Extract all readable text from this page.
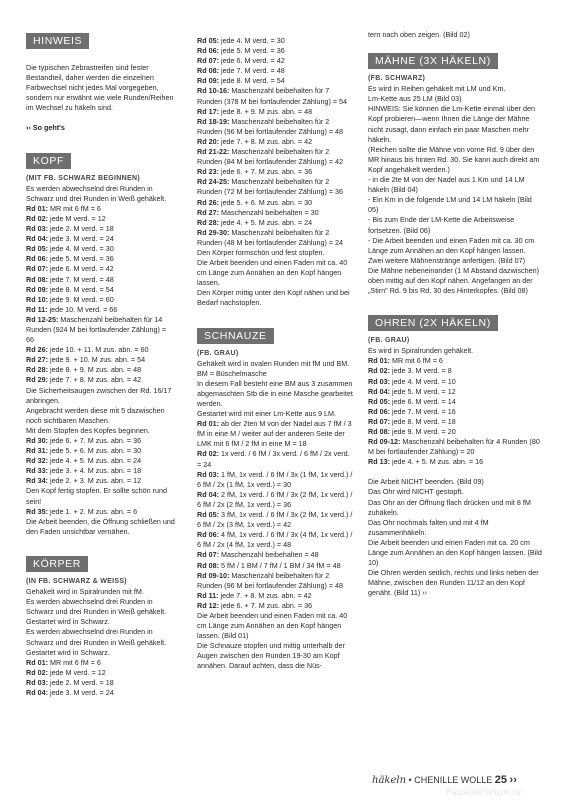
HINWEIS
Die typischen Zebrastreifen sind fester Bestandteil, daher werden die einzelnen Farbwechsel nicht jedes Mal vorgegeben, sondern nur erwähnt wie viele Runden/Reihen im Wechsel zu häkeln sind.
›› So geht's
KOPF
(MIT FB. SCHWARZ BEGINNEN)
Es werden abwechselnd drei Runden in Schwarz und drei Runden in Weiß gehäkelt.
Rd 01: MR mit 6 fM = 6
Rd 02: jede M verd. = 12
Rd 03: jede 2. M verd. = 18
Rd 04: jede 3. M verd. = 24
Rd 05: jede 4. M verd. = 30
Rd 06: jede 5. M verd. = 36
Rd 07: jede 6. M verd. = 42
Rd 08: jede 7. M verd. = 48
Rd 09: jede 8. M verd. = 54
Rd 10: jede 9. M verd. = 60
Rd 11: jede 10. M verd. = 66
Rd 12-25: Maschenzahl beibehalten für 14 Runden (924 M bei fortlaufender Zählung) = 66
Rd 26: jede 10. + 11. M zus. abn. = 60
Rd 27: jede 9. + 10. M zus. abn. = 54
Rd 28: jede 8. + 9. M zus. abn. = 48
Rd 29: jede 7. + 8. M zus. abn. = 42
Die Sicherheitsaugen zwischen der Rd. 16/17 anbringen.
Angebracht werden diese mit 5 dazwischen noch sichtbaren Maschen.
Mit dem Stopfen des Kopfes beginnen.
Rd 30: jede 6. + 7. M zus. abn. = 36
Rd 31: jede 5. + 6. M zus. abn. = 30
Rd 32: jede 4. + 5. M zus. abn. = 24
Rd 33: jede 3. + 4. M zus. abn. = 18
Rd 34: jede 2. + 3. M zus. abn. = 12
Den Kopf fertig stopfen. Er sollte schön rund sein!
Rd 35: jede 1. + 2. M zus. abn. = 6
Die Arbeit beenden, die Öffnung schließen und den Faden unsichtbar vernähen.
KÖRPER
(IN FB. SCHWARZ & WEISS)
Gehäkelt wird in Spiralrunden mit fM.
Es werden abwechselnd drei Runden in Schwarz und drei Runden in Weiß gehäkelt. Gestartet wird in Schwarz.
Es werden abwechselnd drei Runden in Schwarz und drei Runden in Weiß gehäkelt. Gestartet wird in Schwarz.
Rd 01: MR mit 6 fM = 6
Rd 02: jede M verd. = 12
Rd 03: jede 2. M verd. = 18
Rd 04: jede 3. M verd. = 24
Rd 05: jede 4. M verd. = 30
Rd 06: jede 5. M verd. = 36
Rd 07: jede 6. M verd. = 42
Rd 08: jede 7. M verd. = 48
Rd 09: jede 8. M verd. = 54
Rd 10-16: Maschenzahl beibehalten für 7 Runden (378 M bei fortlaufender Zählung) = 54
Rd 17: jede 8. + 9. M zus. abn. = 48
Rd 18-19: Maschenzahl beibehalten für 2 Runden (96 M bei fortlaufender Zählung) = 48
Rd 20: jede 7. + 8. M zus. abn. = 42
Rd 21-22: Maschenzahl beibehalten für 2 Runden (84 M bei fortlaufender Zählung) = 42
Rd 23: jede 6. + 7. M zus. abn. = 36
Rd 24-25: Maschenzahl beibehalten für 2 Runden (72 M bei fortlaufender Zählung) = 36
Rd 26: jede 5. + 6. M zus. abn. = 30
Rd 27: Maschenzahl beibehalten = 30
Rd 28: jede 4. + 5. M zus. abn. = 24
Rd 29-30: Maschenzahl beibehalten für 2 Runden (48 M bei fortlaufender Zählung) = 24
Den Körper formschön und fest stopfen.
Die Arbeit beenden und einen Faden mit ca. 40 cm Länge zum Annähen an den Kopf hängen lassen.
Den Körper mittig unter den Kopf nähen und bei Bedarf nachstopfen.
SCHNAUZE
(FB. GRAU)
Gehäkelt wird in ovalen Runden mit fM und BM.
BM = Büschelmasche
In diesem Fall besteht eine BM aus 3 zusammen abgemaschten Stb die in eine Masche gearbeitet werden.
Gestartet wird mit einer Lm-Kette aus 9 LM.
Rd 01: ab der 2ten M von der Nadel aus 7 fM / 3 fM in eine M / weiter auf der anderen Seite der LMK mit 6 fM / 2 fM in eine M = 18
Rd 02: 1x verd. / 6 fM / 3x verd. / 6 fM / 2x verd. = 24
Rd 03: 1 fM, 1x verd. / 6 fM / 3x (1 fM, 1x verd.) / 6 fM / 2x (1 fM, 1x verd.) = 30
Rd 04: 2 fM, 1x verd. / 6 fM / 3x (2 fM, 1x verd.) / 6 fM / 2x (2 fM, 1x verd.) = 36
Rd 05: 3 fM, 1x verd. / 6 fM / 3x (2 fM, 1x verd.) / 6 fM / 2x (3 fM, 1x verd.) = 42
Rd 06: 4 fM, 1x verd. / 6 fM / 3x (4 fM, 1x verd.) / 6 fM / 2x (4 fM, 1x verd.) = 48
Rd 07: Maschenzahl beibehalten = 48
Rd 08: 5 fM / 1 BM / 7 fM / 1 BM / 34 fM = 48
Rd 09-10: Maschenzahl beibehalten für 2 Runden (96 M bei fortlaufender Zählung) = 48
Rd 11: jede 7. + 8. M zus. abn. = 42
Rd 12: jede 6. + 7. M zus. abn. = 36
Die Arbeit beenden und einen Faden mit ca. 40 cm Länge zum Annähen an den Kopf hängen lassen. (Bild 01)
Die Schnauze stopfen und mittig unterhalb der Augen zwischen den Runden 19-30 am Kopf annähen. Darauf achten, dass die Nüs-
tern nach oben zeigen. (Bild 02)
MÄHNE (3X HÄKELN)
(FB. SCHWARZ)
Es wird in Reihen gehäkelt mit LM und Km.
Lm-Kette aus 25 LM (Bild 03)
HINWEIS: Sie können die Lm-Kette einmal über den Kopf probieren—wenn Ihnen die Länge der Mähne nicht zusagt, dann einfach ein paar Maschen mehr häkeln.
(Reichen sollte die Mähne von vorne Rd. 9 über den MR hinaus bis hinten Rd. 30. Sie kann auch direkt am Kopf angehäkelt werden.)
- in die 2te M von der Nadel aus 1 Km und 14 LM häkeln (Bild 04)
- Ein Km in die folgende LM und 14 LM häkeln (Bild 05)
- Bis zum Ende der LM-Kette die Arbeitsweise fortsetzen. (Bild 06)
- Die Arbeit beenden und einen Faden mit ca. 30 cm Länge zum Annähen an den Kopf hängen lassen.
Zwei weitere Mähnenstränge anfertigen. (Bild 07)
Die Mähne nebeneinander (1 M Abstand dazwischen) oben mittig auf den Kopf nähen. Angefangen an der „Stirn" Rd. 9 bis Rd. 30 des Hinterkopfes. (Bild 08)
OHREN (2X HÄKELN)
(FB. GRAU)
Es wird in Spiralrunden gehäkelt.
Rd 01: MR mit 6 fM = 6
Rd 02: jede 3. M verd. = 8
Rd 03: jede 4. M verd. = 10
Rd 04: jede 5. M verd. = 12
Rd 05: jede 6. M verd. = 14
Rd 06: jede 7. M verd. = 16
Rd 07: jede 8. M verd. = 18
Rd 08: jede 9. M verd. = 20
Rd 09-12: Maschenzahl beibehalten für 4 Runden (80 M bei fortlaufender Zählung) = 20
Rd 13: jede 4. + 5. M zus. abn. = 16
Die Arbeit NICHT beenden. (Bild 09)
Das Ohr wird NICHT gestopft.
Das Ohr an der Öffnung flach drücken und mit 8 fM zuhäkeln.
Das Ohr nochmals falten und mit 4 fM zusammenhäkeln.
Die Arbeit beenden und einen Faden mit ca. 20 cm Länge zum Annähen an den Kopf hängen lassen. (Bild 10)
Die Ohren werden seitlich, rechts und links neben der Mähne, zwischen den Runden 11/12 an den Kopf genäht. (Bild 11) ››
häkeln • CHENILLE WOLLE 25 ››
PassionForum.ru
